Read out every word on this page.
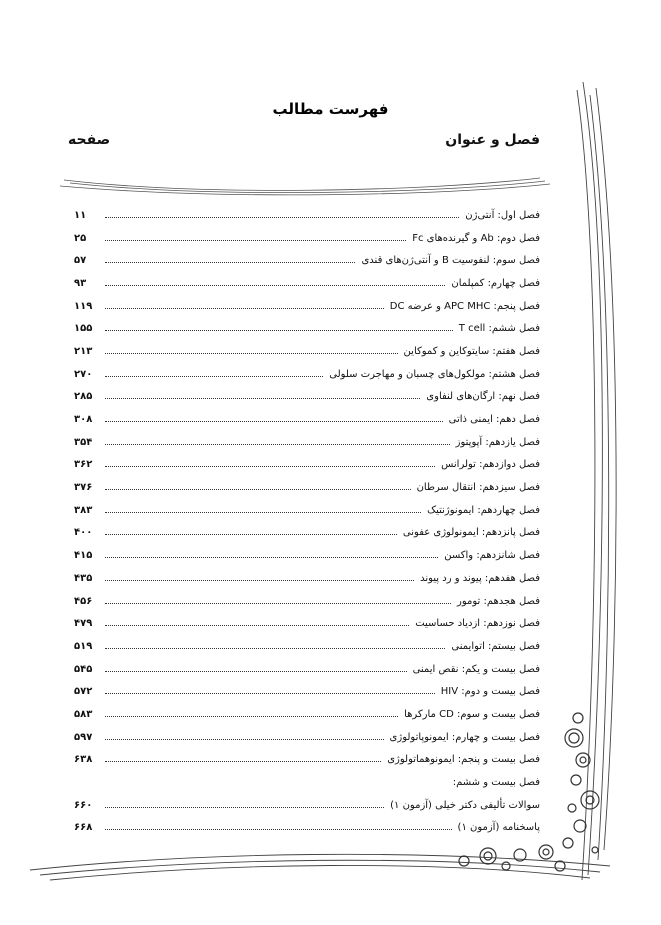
فهرست مطالب
فصل و عنوان
صفحه
فصل اول: آنتی‌ژن
۱۱
فصل دوم: Ab و گیرنده‌های Fc
۲۵
فصل سوم: لنفوسیت B و آنتی‌ژن‌های قندی
۵۷
فصل چهارم: کمپلمان
۹۳
فصل پنجم: APC MHC و عرضه DC
۱۱۹
فصل ششم: T cell
۱۵۵
فصل هفتم: سایتوکاین و کموکاین
۲۱۳
فصل هشتم: مولکول‌های چسبان و مهاجرت سلولی
۲۷۰
فصل نهم: ارگان‌های لنفاوی
۲۸۵
فصل دهم: ایمنی ذاتی
۳۰۸
فصل یازدهم: آپوپتوز
۳۵۴
فصل دوازدهم: تولرانس
۳۶۲
فصل سیزدهم: انتقال سرطان
۳۷۶
فصل چهاردهم: ایمونوژنتیک
۳۸۳
فصل پانزدهم: ایمونولوژی عفونی
۴۰۰
فصل شانزدهم: واکسن
۴۱۵
فصل هفدهم: پیوند و رد پیوند
۴۳۵
فصل هجدهم: تومور
۴۵۶
فصل نوزدهم: ازدیاد حساسیت
۴۷۹
فصل بیستم: اتوایمنی
۵۱۹
فصل بیست و یکم: نقص ایمنی
۵۴۵
فصل بیست و دوم: HIV
۵۷۲
فصل بیست و سوم: CD مارکرها
۵۸۳
فصل بیست و چهارم: ایمونوپاتولوژی
۵۹۷
فصل بیست و پنجم: ایمونوهماتولوژی
۶۳۸
فصل بیست و ششم:
سوالات تألیفی دکتر خیلی (آزمون ۱)
۶۶۰
پاسخنامه (آزمون ۱)
۶۶۸
